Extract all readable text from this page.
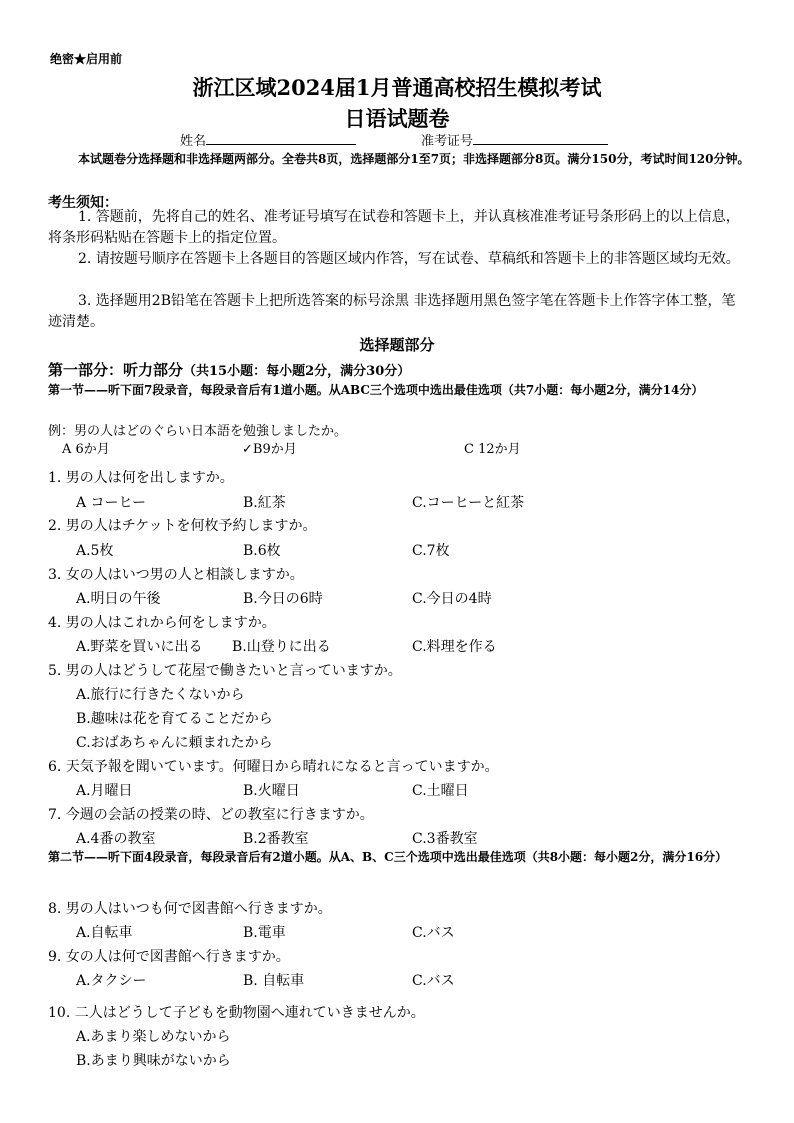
绝密★启用前
浙江区域2024届1月普通高校招生模拟考试
日语试题卷
姓名	准考证号
本试题卷分选择题和非选择题两部分。全卷共8页，选择题部分1至7页；非选择题部分8页。满分150分，考试时间120分钟。
考生须知：
1. 答题前，先将自己的姓名、准考证号填写在试卷和答题卡上，并认真核准准考证号条形码上的以上信息，将条形码粘贴在答题卡上的指定位置。
2. 请按题号顺序在答题卡上各题目的答题区域内作答，写在试卷、草稿纸和答题卡上的非答题区域均无效。
3. 选择题用2B铅笔在答题卡上把所选答案的标号涂黑 非选择题用黑色签字笔在答题卡上作答字体工整，笔迹清楚。
选择题部分
第一部分：听力部分（共15小题：每小题2分，满分30分）
第一节——听下面7段录音，每段录音后有1道小题。从ABC三个选项中选出最佳选项（共7小题：每小题2分，满分14分）
例：男の人はどのぐらい日本語を勉強しましたか。
A 6か月	✓B9か月	C 12か月
1. 男の人は何を出しますか。
A コーヒー	B.紅茶	C.コーヒーと紅茶
2. 男の人はチケットを何枚予約しますか。
A.5枚	B.6枚	C.7枚
3. 女の人はいつ男の人と相談しますか。
A.明日の午後	B.今日の6時	C.今日の4時
4. 男の人はこれから何をしますか。
A.野菜を買いに出る B.山登りに出る	C.料理を作る
5. 男の人はどうして花屋で働きたいと言っていますか。
A.旅行に行きたくないから
B.趣味は花を育てることだから
C.おばあちゃんに頼まれたから
6. 天気予報を聞いています。何曜日から晴れになると言っていますか。
A.月曜日	B.火曜日	C.土曜日
7. 今週の会話の授業の時、どの教室に行きますか。
A.4番の教室	B.2番教室	C.3番教室
第二节——听下面4段录音，每段录音后有2道小题。从A、B、C三个选项中选出最佳选项（共8小题：每小题2分，满分16分）
8. 男の人はいつも何で図書館へ行きますか。
A.自転車	B.電車	C.バス
9. 女の人は何で図書館へ行きますか。
A.タクシー	B. 自転車	C.バス
10. 二人はどうして子どもを動物園へ連れていきませんか。
A.あまり楽しめないから
B.あまり興味がないから
